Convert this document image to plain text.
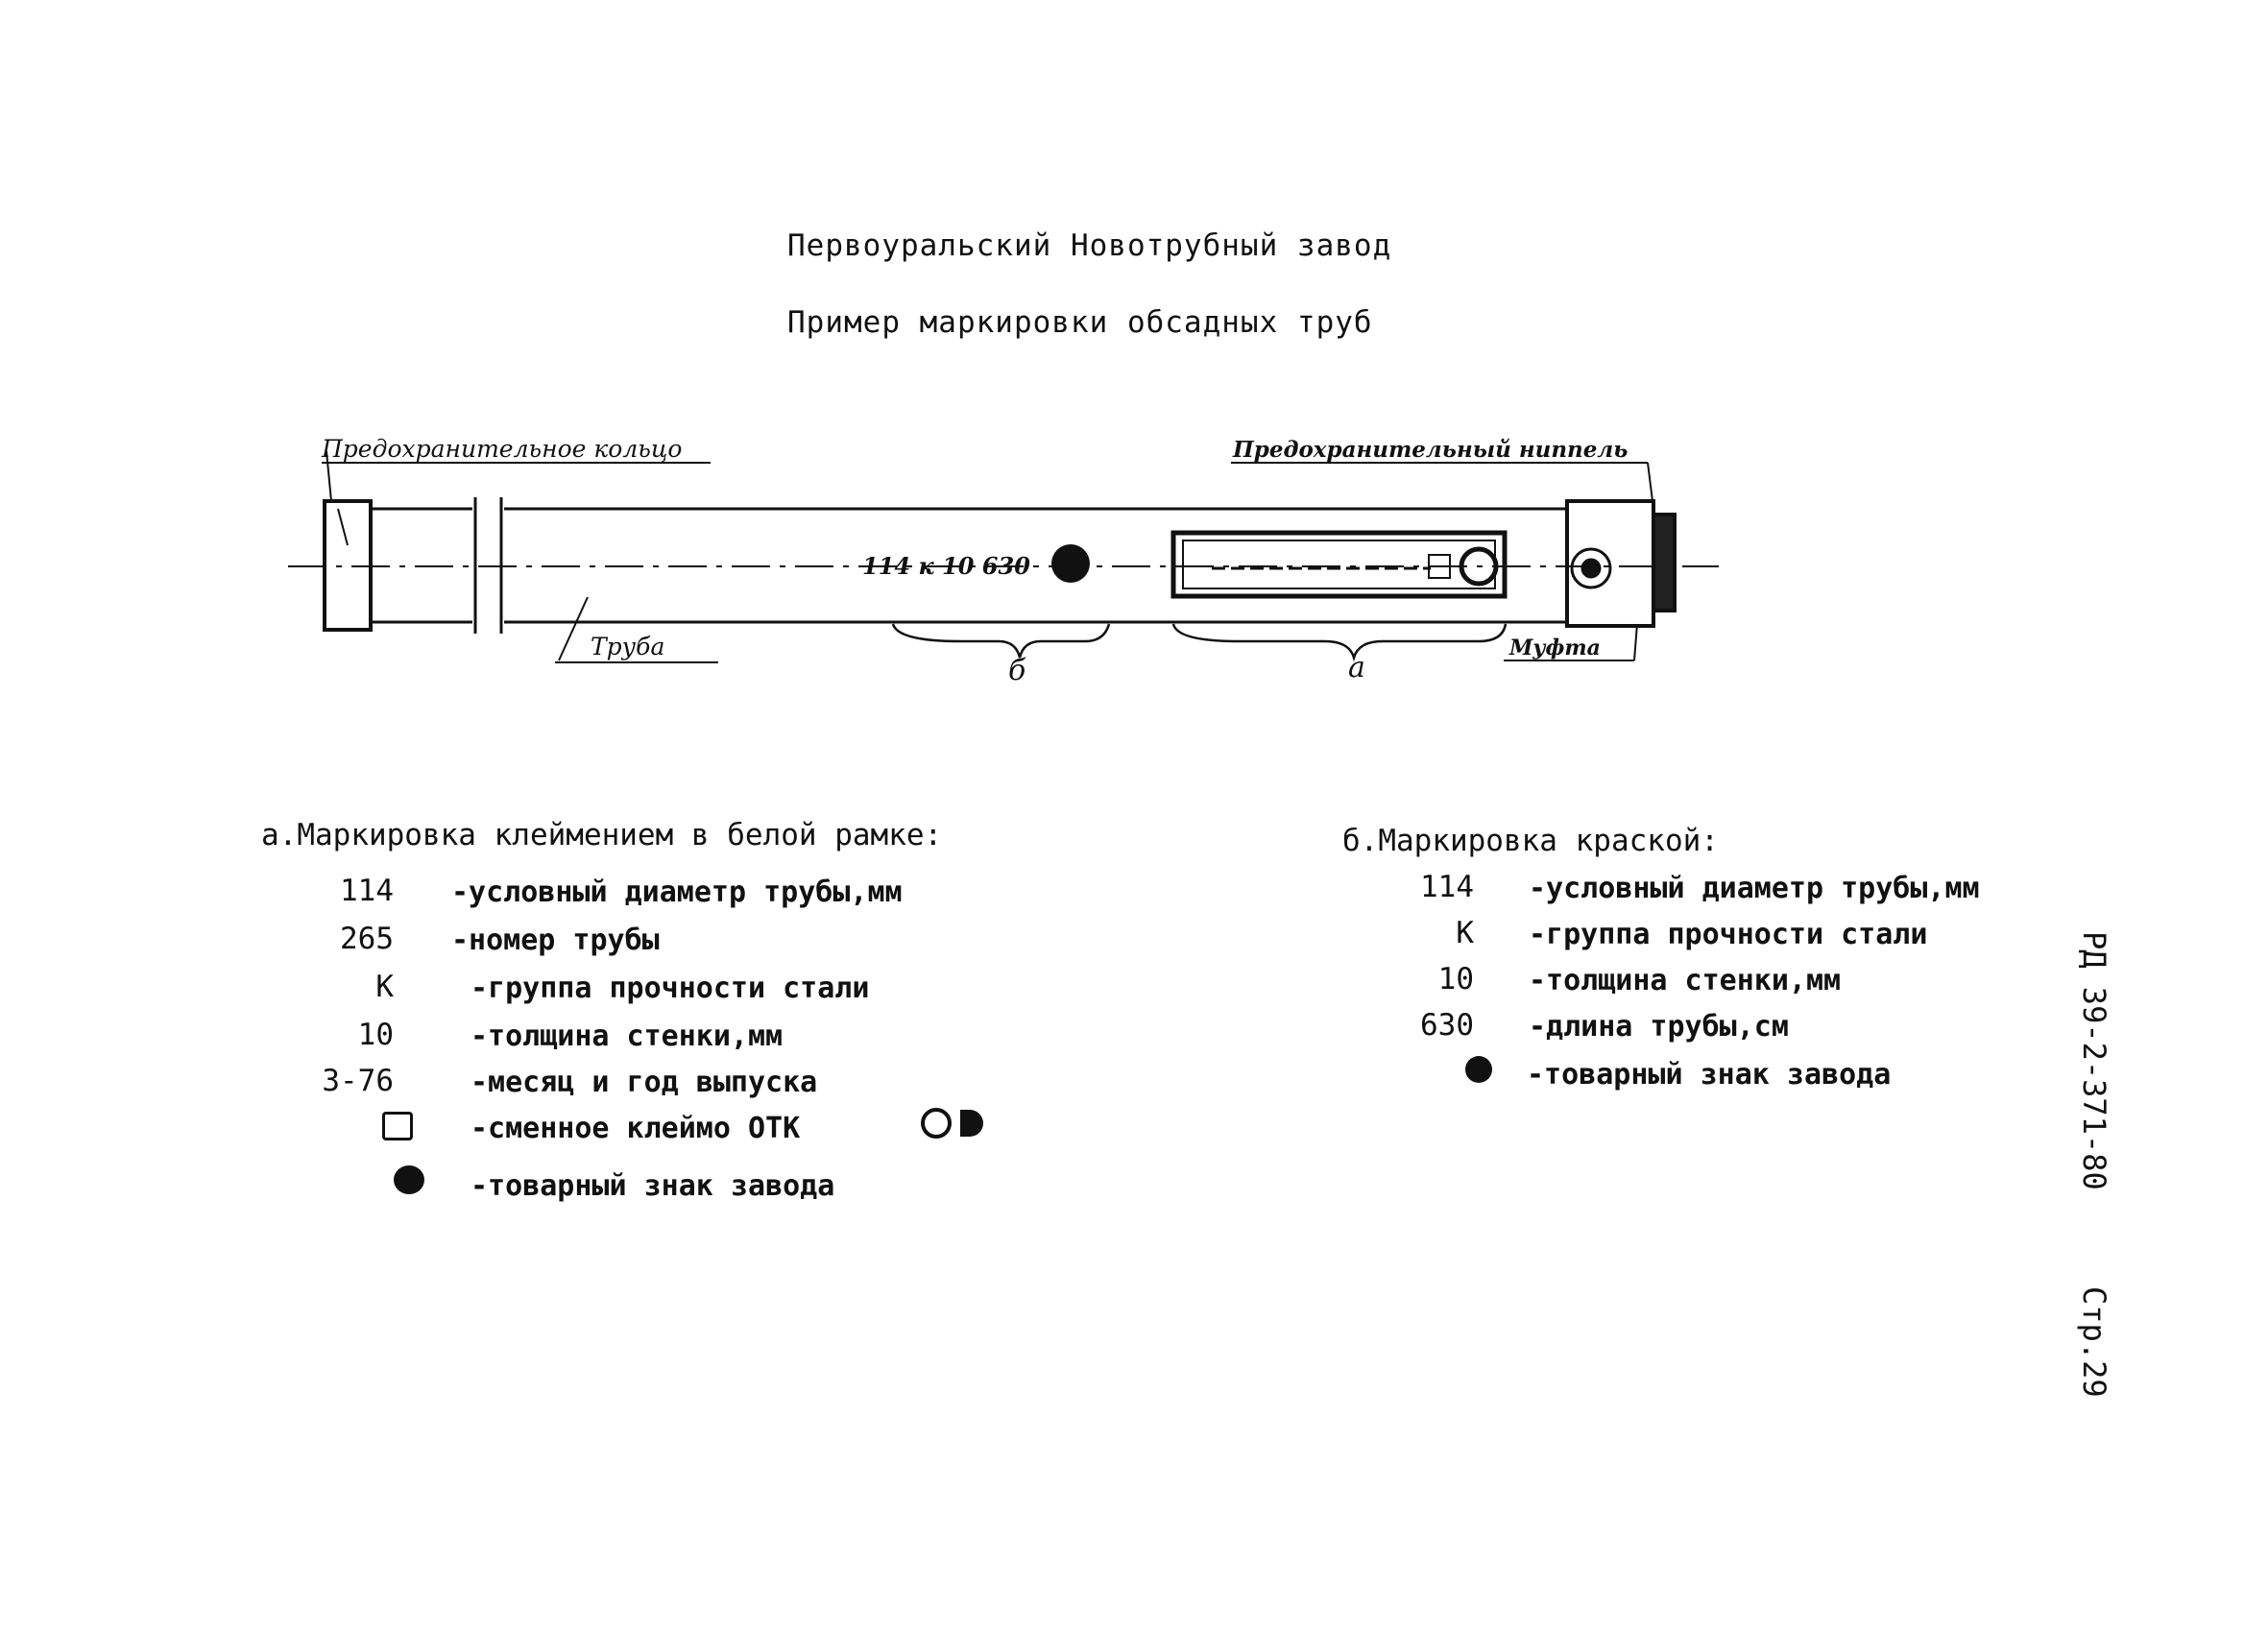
Первоуральский Новотрубный завод
Пример маркировки обсадных труб
114 к 10 630
Предохранительное кольцо	Предохранительный ниппель
Труба	Муфта
б	а
а.Маркировка клеймением в белой рамке:
114 -условный диаметр трубы,мм
265 -номер трубы
К	-группа прочности стали
10	-толщина стенки,мм
3-76	-месяц и год выпуска
-сменное клеймо ОТК
-товарный знак завода
б.Маркировка краской:
114 -условный диаметр трубы,мм
К -группа прочности стали
10 -толщина стенки,мм
630 -длина трубы,см
-товарный знак завода	РД 39-2-371-80
Стр.29
